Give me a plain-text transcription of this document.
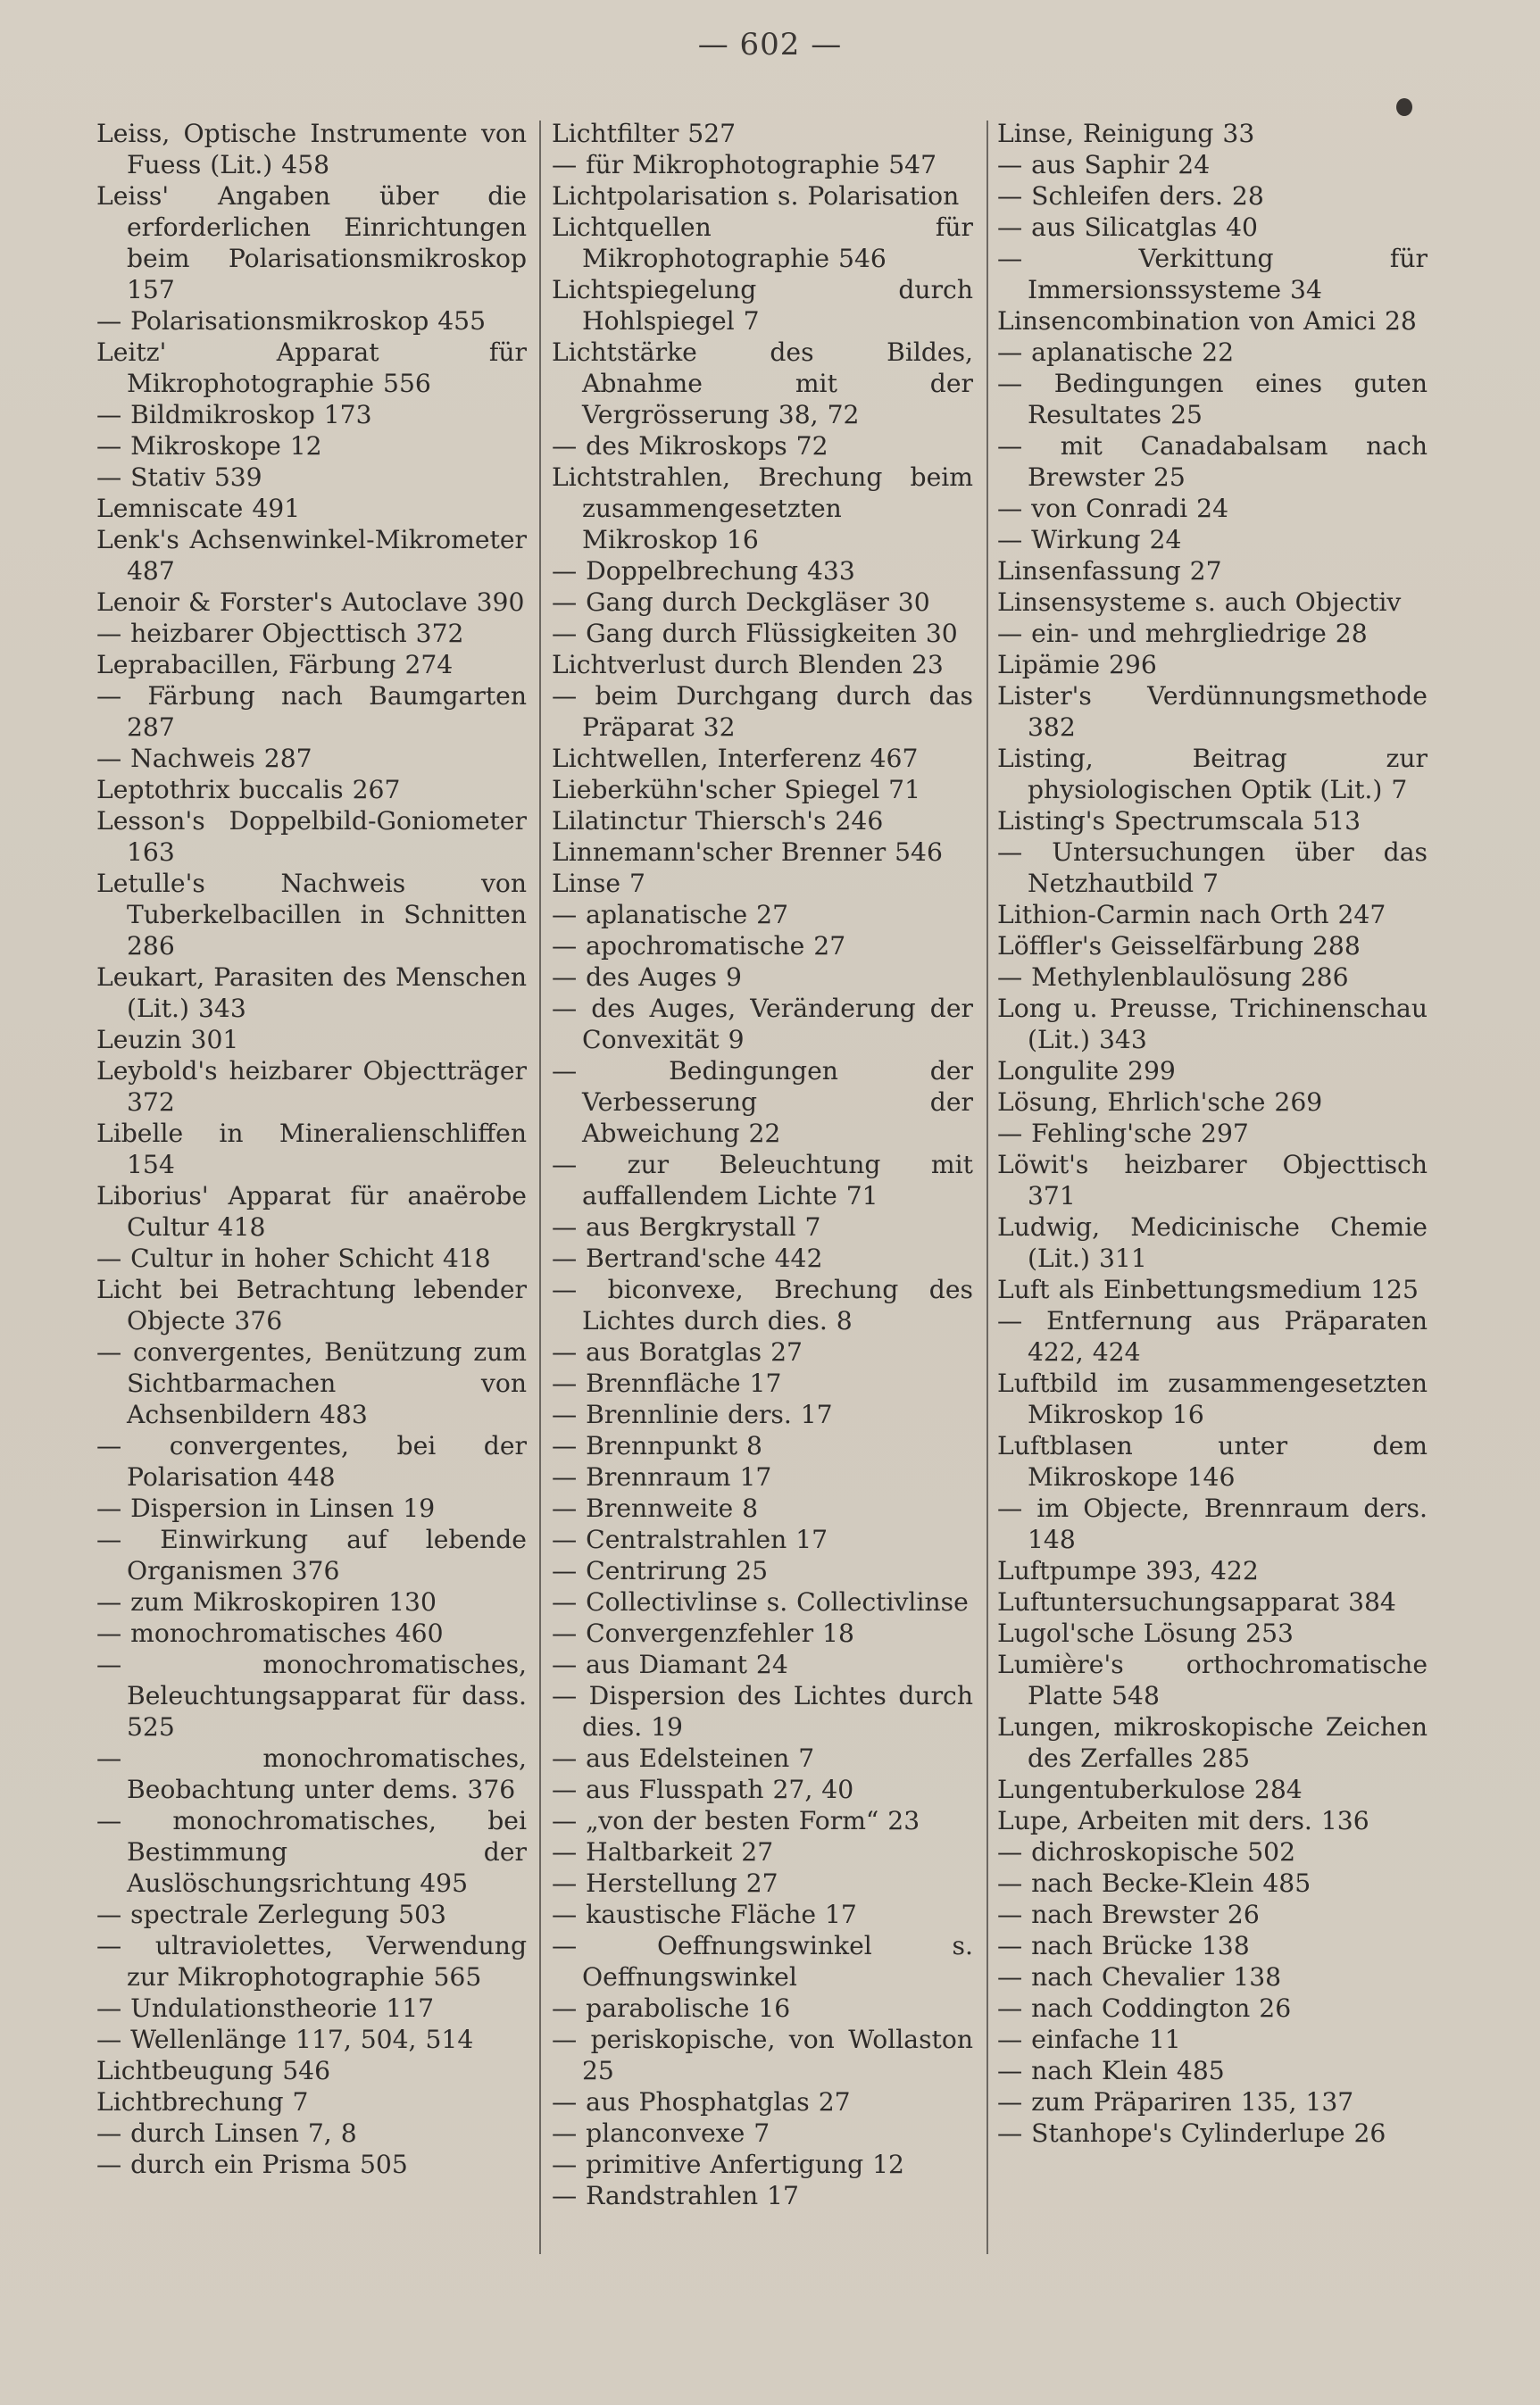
— 602 —

Leiss, Optische Instrumente von Fuess (Lit.) 458

Leiss' Angaben über die erforderlichen Einrichtungen beim Polarisationsmikroskop 157

— Polarisationsmikroskop 455

Leitz' Apparat für Mikrophotographie 556

— Bildmikroskop 173

— Mikroskope 12

— Stativ 539

Lemniscate 491

Lenk's Achsenwinkel-Mikrometer 487

Lenoir & Forster's Autoclave 390

— heizbarer Objecttisch 372

Leprabacillen, Färbung 274

— Färbung nach Baumgarten 287

— Nachweis 287

Leptothrix buccalis 267

Lesson's Doppelbild-Goniometer 163

Letulle's Nachweis von Tuberkelbacillen in Schnitten 286

Leukart, Parasiten des Menschen (Lit.) 343

Leuzin 301

Leybold's heizbarer Objectträger 372

Libelle in Mineralienschliffen 154

Liborius' Apparat für anaërobe Cultur 418

— Cultur in hoher Schicht 418

Licht bei Betrachtung lebender Objecte 376

— convergentes, Benützung zum Sichtbarmachen von Achsenbildern 483

— convergentes, bei der Polarisation 448

— Dispersion in Linsen 19

— Einwirkung auf lebende Organismen 376

— zum Mikroskopiren 130

— monochromatisches 460

— monochromatisches, Beleuchtungsapparat für dass. 525

— monochromatisches, Beobachtung unter dems. 376

— monochromatisches, bei Bestimmung der Auslöschungsrichtung 495

— spectrale Zerlegung 503

— ultraviolettes, Verwendung zur Mikrophotographie 565

— Undulationstheorie 117

— Wellenlänge 117, 504, 514

Lichtbeugung 546

Lichtbrechung 7

— durch Linsen 7, 8

— durch ein Prisma 505

Lichtfilter 527

— für Mikrophotographie 547

Lichtpolarisation s. Polarisation

Lichtquellen für Mikrophotographie 546

Lichtspiegelung durch Hohlspiegel 7

Lichtstärke des Bildes, Abnahme mit der Vergrösserung 38, 72

— des Mikroskops 72

Lichtstrahlen, Brechung beim zusammengesetzten Mikroskop 16

— Doppelbrechung 433

— Gang durch Deckgläser 30

— Gang durch Flüssigkeiten 30

Lichtverlust durch Blenden 23

— beim Durchgang durch das Präparat 32

Lichtwellen, Interferenz 467

Lieberkühn'scher Spiegel 71

Lilatinctur Thiersch's 246

Linnemann'scher Brenner 546

Linse 7

— aplanatische 27

— apochromatische 27

— des Auges 9

— des Auges, Veränderung der Convexität 9

— Bedingungen der Verbesserung der Abweichung 22

— zur Beleuchtung mit auffallendem Lichte 71

— aus Bergkrystall 7

— Bertrand'sche 442

— biconvexe, Brechung des Lichtes durch dies. 8

— aus Boratglas 27

— Brennfläche 17

— Brennlinie ders. 17

— Brennpunkt 8

— Brennraum 17

— Brennweite 8

— Centralstrahlen 17

— Centrirung 25

— Collectivlinse s. Collectivlinse

— Convergenzfehler 18

— aus Diamant 24

— Dispersion des Lichtes durch dies. 19

— aus Edelsteinen 7

— aus Flusspath 27, 40

— „von der besten Form“ 23

— Haltbarkeit 27

— Herstellung 27

— kaustische Fläche 17

— Oeffnungswinkel s. Oeffnungswinkel

— parabolische 16

— periskopische, von Wollaston 25

— aus Phosphatglas 27

— planconvexe 7

— primitive Anfertigung 12

— Randstrahlen 17

Linse, Reinigung 33

— aus Saphir 24

— Schleifen ders. 28

— aus Silicatglas 40

— Verkittung für Immersionssysteme 34

Linsencombination von Amici 28

— aplanatische 22

— Bedingungen eines guten Resultates 25

— mit Canadabalsam nach Brewster 25

— von Conradi 24

— Wirkung 24

Linsenfassung 27

Linsensysteme s. auch Objectiv

— ein- und mehrgliedrige 28

Lipämie 296

Lister's Verdünnungsmethode 382

Listing, Beitrag zur physiologischen Optik (Lit.) 7

Listing's Spectrumscala 513

— Untersuchungen über das Netzhautbild 7

Lithion-Carmin nach Orth 247

Löffler's Geisselfärbung 288

— Methylenblaulösung 286

Long u. Preusse, Trichinenschau (Lit.) 343

Longulite 299

Lösung, Ehrlich'sche 269

— Fehling'sche 297

Löwit's heizbarer Objecttisch 371

Ludwig, Medicinische Chemie (Lit.) 311

Luft als Einbettungsmedium 125

— Entfernung aus Präparaten 422, 424

Luftbild im zusammengesetzten Mikroskop 16

Luftblasen unter dem Mikroskope 146

— im Objecte, Brennraum ders. 148

Luftpumpe 393, 422

Luftuntersuchungsapparat 384

Lugol'sche Lösung 253

Lumière's orthochromatische Platte 548

Lungen, mikroskopische Zeichen des Zerfalles 285

Lungentuberkulose 284

Lupe, Arbeiten mit ders. 136

— dichroskopische 502

— nach Becke-Klein 485

— nach Brewster 26

— nach Brücke 138

— nach Chevalier 138

— nach Coddington 26

— einfache 11

— nach Klein 485

— zum Präpariren 135, 137

— Stanhope's Cylinderlupe 26
